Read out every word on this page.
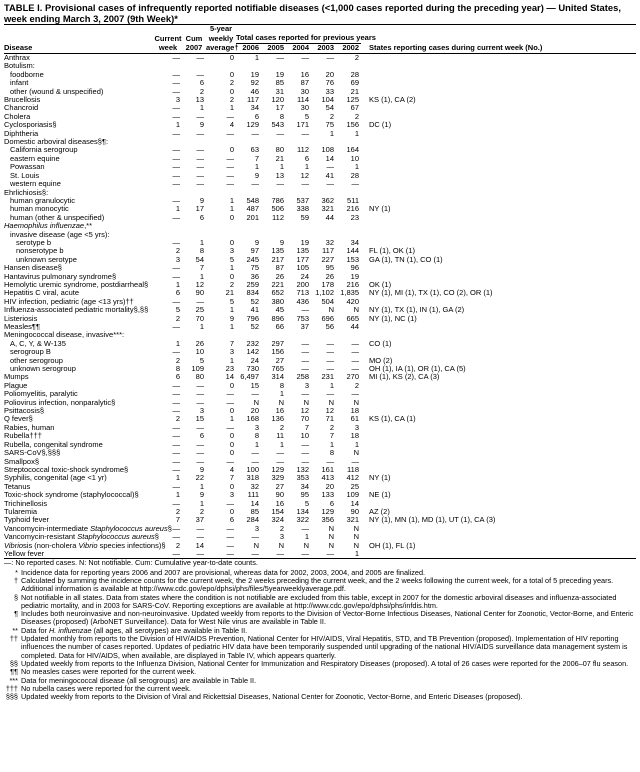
TABLE I. Provisional cases of infrequently reported notifiable diseases (<1,000 cases reported during the preceding year) — United States,
week ending March 3, 2007 (9th Week)*
			5-year						
	Current	Cum	weekly	Total cases reported for previous years					
Disease	week	2007	average†	2006	2005	2004	2003	2002	States reporting cases during current week (No.)
Anthrax	—	—	0	1	—	—	—	2	
Botulism:									
foodborne	—	—	0	19	19	16	20	28	
infant	—	6	2	92	85	87	76	69	
other (wound & unspecified)	—	2	0	46	31	30	33	21	
Brucellosis	3	13	2	117	120	114	104	125	KS (1), CA (2)
Chancroid	—	1	1	34	17	30	54	67	
Cholera	—	—	—	6	8	5	2	2	
Cyclosporiasis§	1	9	4	129	543	171	75	156	DC (1)
Diphtheria	—	—	—	—	—	—	1	1	
Domestic arboviral diseases§¶:									
California serogroup	—	—	0	63	80	112	108	164	
eastern equine	—	—	—	7	21	6	14	10	
Powassan	—	—	—	1	1	1	—	1	
St. Louis	—	—	—	9	13	12	41	28	
western equine	—	—	—	—	—	—	—	—	
Ehrlichiosis§:									
human granulocytic	—	9	1	548	786	537	362	511	
human monocytic	1	17	1	487	506	338	321	216	NY (1)
human (other & unspecified)	—	6	0	201	112	59	44	23	
Haemophilus influenzae,**									
invasive disease (age <5 yrs):									
serotype b	—	1	0	9	9	19	32	34	
nonserotype b	2	8	3	97	135	135	117	144	FL (1), OK (1)
unknown serotype	3	54	5	245	217	177	227	153	GA (1), TN (1), CO (1)
Hansen disease§	—	7	1	75	87	105	95	96	
Hantavirus pulmonary syndrome§	—	1	0	36	26	24	26	19	
Hemolytic uremic syndrome, postdiarrheal§	1	12	2	259	221	200	178	216	OK (1)
Hepatitis C viral, acute	6	90	21	834	652	713	1,102	1,835	NY (1), MI (1), TX (1), CO (2), OR (1)
HIV infection, pediatric (age <13 yrs)††	—	—	5	52	380	436	504	420	
Influenza-associated pediatric mortality§,§§	5	25	1	41	45	—	N	N	NY (1), TX (1), IN (1), GA (2)
Listeriosis	2	70	9	796	896	753	696	665	NY (1), NC (1)
Measles¶¶	—	1	1	52	66	37	56	44	
Meningococcal disease, invasive***:									
A, C, Y, & W-135	1	26	7	232	297	—	—	—	CO (1)
serogroup B	—	10	3	142	156	—	—	—	
other serogroup	2	5	1	24	27	—	—	—	MO (2)
unknown serogroup	8	109	23	730	765	—	—	—	OH (1), IA (1), OR (1), CA (5)
Mumps	6	80	14	6,497	314	258	231	270	MI (1), KS (2), CA (3)
Plague	—	—	0	15	8	3	1	2	
Poliomyelitis, paralytic	—	—	—	—	1	—	—	—	
Poliovirus infection, nonparalytic§	—	—	—	N	N	N	N	N	
Psittacosis§	—	3	0	20	16	12	12	18	
Q fever§	2	15	1	168	136	70	71	61	KS (1), CA (1)
Rabies, human	—	—	—	3	2	7	2	3	
Rubella†††	—	6	0	8	11	10	7	18	
Rubella, congenital syndrome	—	—	0	1	1	—	1	1	
SARS-CoV§,§§§	—	—	0	—	—	—	8	N	
Smallpox§	—	—	—	—	—	—	—	—	
Streptococcal toxic-shock syndrome§	—	9	4	100	129	132	161	118	
Syphilis, congenital (age <1 yr)	1	22	7	318	329	353	413	412	NY (1)
Tetanus	—	1	0	32	27	34	20	25	
Toxic-shock syndrome (staphylococcal)§	1	9	3	111	90	95	133	109	NE (1)
Trichinellosis	—	1	—	14	16	5	6	14	
Tularemia	2	2	0	85	154	134	129	90	AZ (2)
Typhoid fever	7	37	6	284	324	322	356	321	NY (1), MN (1), MD (1), UT (1), CA (3)
Vancomycin-intermediate Staphylococcus aureus§	—	—	—	3	2	—	N	N	
Vancomycin-resistant Staphylococcus aureus§	—	—	—	—	3	1	N	N	
Vibriosis (non-cholera Vibrio species infections)§	2	14	—	N	N	N	N	N	OH (1), FL (1)
Yellow fever	—	—	—	—	—	—	—	1	
—: No reported cases. N: Not notifiable. Cum: Cumulative year-to-date counts.
* Incidence data for reporting years 2006 and 2007 are provisional, whereas data for 2002, 2003, 2004, and 2005 are finalized.
† Calculated by summing the incidence counts for the current week, the 2 weeks preceding the current week, and the 2 weeks following the current week, for a total of 5 preceding years. Additional information is available at http://www.cdc.gov/epo/dphsi/phs/files/5yearweeklyaverage.pdf.
§ Not notifiable in all states. Data from states where the condition is not notifiable are excluded from this table, except in 2007 for the domestic arboviral diseases and influenza-associated pediatric mortality, and in 2003 for SARS-CoV. Reporting exceptions are available at http://www.cdc.gov/epo/dphsi/phs/infdis.htm.
¶ Includes both neuroinvasive and non-neuroinvasive. Updated weekly from reports to the Division of Vector-Borne Infectious Diseases, National Center for Zoonotic, Vector-Borne, and Enteric Diseases (proposed) (ArboNET Surveillance). Data for West Nile virus are available in Table II.
** Data for H. influenzae (all ages, all serotypes) are available in Table II.
†† Updated monthly from reports to the Division of HIV/AIDS Prevention, National Center for HIV/AIDS, Viral Hepatitis, STD, and TB Prevention (proposed). Implementation of HIV reporting influences the number of cases reported. Updates of pediatric HIV data have been temporarily suspended until upgrading of the national HIV/AIDS surveillance data management system is completed. Data for HIV/AIDS, when available, are displayed in Table IV, which appears quarterly.
§§ Updated weekly from reports to the Influenza Division, National Center for Immunization and Respiratory Diseases (proposed). A total of 26 cases were reported for the 2006–07 flu season.
¶¶ No measles cases were reported for the current week.
*** Data for meningococcal disease (all serogroups) are available in Table II.
††† No rubella cases were reported for the current week.
§§§ Updated weekly from reports to the Division of Viral and Rickettsial Diseases, National Center for Zoonotic, Vector-Borne, and Enteric Diseases (proposed).
